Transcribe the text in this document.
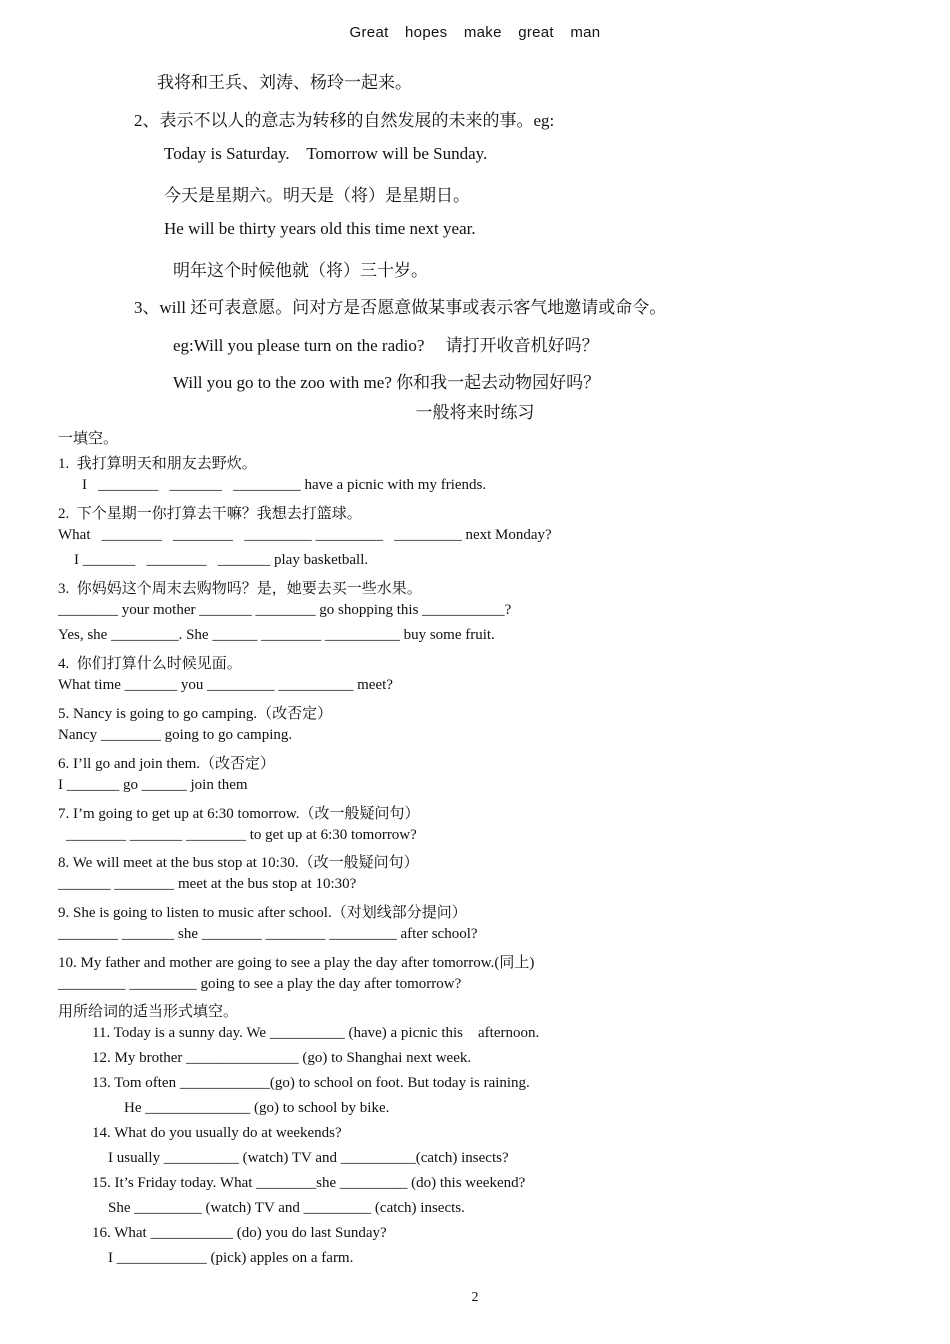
Great hopes make great man
我将和王兵、刘涛、杨玲一起来。
2、表示不以人的意志为转移的自然发展的未来的事。eg:
Today is Saturday.    Tomorrow will be Sunday.
今天是星期六。明天是（将）是星期日。
He will be thirty years old this time next year.
明年这个时候他就（将）三十岁。
3、will 还可表意愿。问对方是否愿意做某事或表示客气地邀请或命令。
eg:Will you please turn on the radio?     请打开收音机好吗？
Will you go to the zoo with me? 你和我一起去动物园好吗？
一般将来时练习
一填空。
1.  我打算明天和朋友去野炊。
I   ________   _______   _________ have a picnic with my friends.
2.  下个星期一你打算去干嘛？我想去打篮球。
What   ________   ________   _________ _________   _________ next Monday?
I _______   ________   _______ play basketball.
3.  你妈妈这个周末去购物吗？是，她要去买一些水果。
________ your mother _______ ________ go shopping this ___________?
Yes, she _________. She ______ ________ __________ buy some fruit.
4.  你们打算什么时候见面。
What time _______ you _________ __________ meet?
5. Nancy is going to go camping.（改否定）
Nancy ________ going to go camping.
6. I’ll go and join them.（改否定）
I _______ go ______ join them
7. I’m going to get up at 6:30 tomorrow.（改一般疑问句）
________ _______ ________ to get up at 6:30 tomorrow?
8. We will meet at the bus stop at 10:30.（改一般疑问句）
_______ ________ meet at the bus stop at 10:30?
9. She is going to listen to music after school.（对划线部分提问）
________ _______ she ________ ________ _________ after school?
10. My father and mother are going to see a play the day after tomorrow.(同上)
_________ _________ going to see a play the day after tomorrow?
用所给词的适当形式填空。
11. Today is a sunny day. We __________ (have) a picnic this    afternoon.
12. My brother _______________ (go) to Shanghai next week.
13. Tom often ____________(go) to school on foot. But today is raining.
He ______________ (go) to school by bike.
14. What do you usually do at weekends?
I usually __________ (watch) TV and __________(catch) insects?
15. It’s Friday today. What ________she _________ (do) this weekend?
She _________ (watch) TV and _________ (catch) insects.
16. What ___________ (do) you do last Sunday?
I ____________ (pick) apples on a farm.
2
